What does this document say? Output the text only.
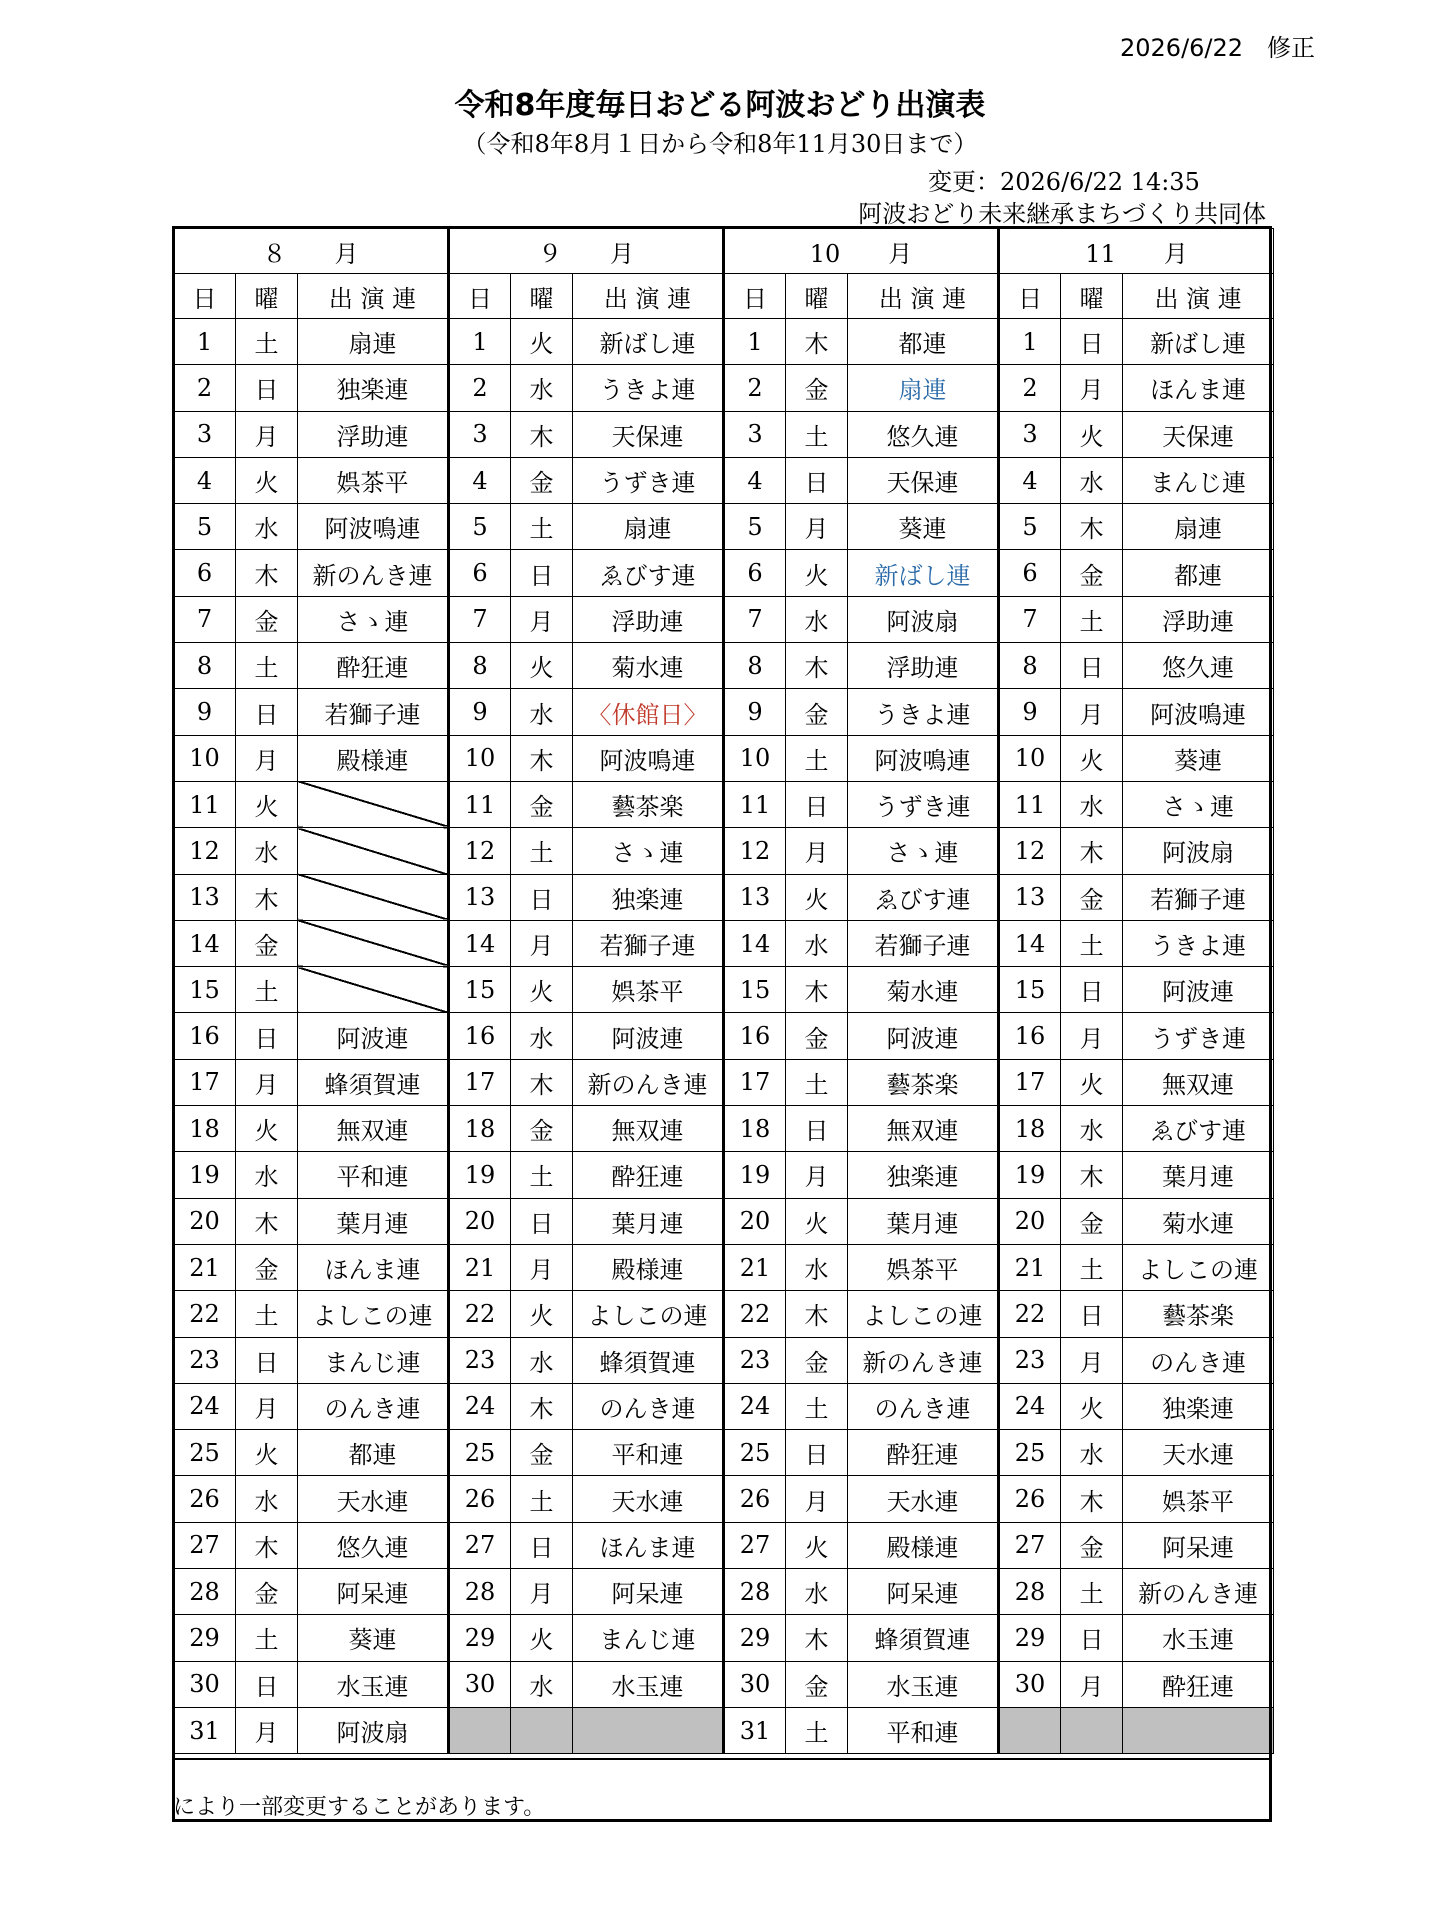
2026/6/22　修正
令和8年度毎日おどる阿波おどり出演表
（令和8年8月１日から令和8年11月30日まで）
変更：2026/6/22 14:35
阿波おどり未来継承まちづくり共同体
８　　月			９　　月			10　　月			11　　月		
日	曜	出 演 連	日	曜	出 演 連	日	曜	出 演 連	日	曜	出 演 連
1	土	扇連	1	火	新ばし連	1	木	都連	1	日	新ばし連
2	日	独楽連	2	水	うきよ連	2	金	扇連	2	月	ほんま連
3	月	浮助連	3	木	天保連	3	土	悠久連	3	火	天保連
4	火	娯茶平	4	金	うずき連	4	日	天保連	4	水	まんじ連
5	水	阿波鳴連	5	土	扇連	5	月	葵連	5	木	扇連
6	木	新のんき連	6	日	ゑびす連	6	火	新ばし連	6	金	都連
7	金	さゝ連	7	月	浮助連	7	水	阿波扇	7	土	浮助連
8	土	酔狂連	8	火	菊水連	8	木	浮助連	8	日	悠久連
9	日	若獅子連	9	水	〈休館日〉	9	金	うきよ連	9	月	阿波鳴連
10	月	殿様連	10	木	阿波鳴連	10	土	阿波鳴連	10	火	葵連
11	火		11	金	藝茶楽	11	日	うずき連	11	水	さゝ連
12	水		12	土	さゝ連	12	月	さゝ連	12	木	阿波扇
13	木		13	日	独楽連	13	火	ゑびす連	13	金	若獅子連
14	金		14	月	若獅子連	14	水	若獅子連	14	土	うきよ連
15	土		15	火	娯茶平	15	木	菊水連	15	日	阿波連
16	日	阿波連	16	水	阿波連	16	金	阿波連	16	月	うずき連
17	月	蜂須賀連	17	木	新のんき連	17	土	藝茶楽	17	火	無双連
18	火	無双連	18	金	無双連	18	日	無双連	18	水	ゑびす連
19	水	平和連	19	土	酔狂連	19	月	独楽連	19	木	葉月連
20	木	葉月連	20	日	葉月連	20	火	葉月連	20	金	菊水連
21	金	ほんま連	21	月	殿様連	21	水	娯茶平	21	土	よしこの連
22	土	よしこの連	22	火	よしこの連	22	木	よしこの連	22	日	藝茶楽
23	日	まんじ連	23	水	蜂須賀連	23	金	新のんき連	23	月	のんき連
24	月	のんき連	24	木	のんき連	24	土	のんき連	24	火	独楽連
25	火	都連	25	金	平和連	25	日	酔狂連	25	水	天水連
26	水	天水連	26	土	天水連	26	月	天水連	26	木	娯茶平
27	木	悠久連	27	日	ほんま連	27	火	殿様連	27	金	阿呆連
28	金	阿呆連	28	月	阿呆連	28	水	阿呆連	28	土	新のんき連
29	土	葵連	29	火	まんじ連	29	木	蜂須賀連	29	日	水玉連
30	日	水玉連	30	水	水玉連	30	金	水玉連	30	月	酔狂連
31	月	阿波扇				31	土	平和連			
により一部変更することがあります。
